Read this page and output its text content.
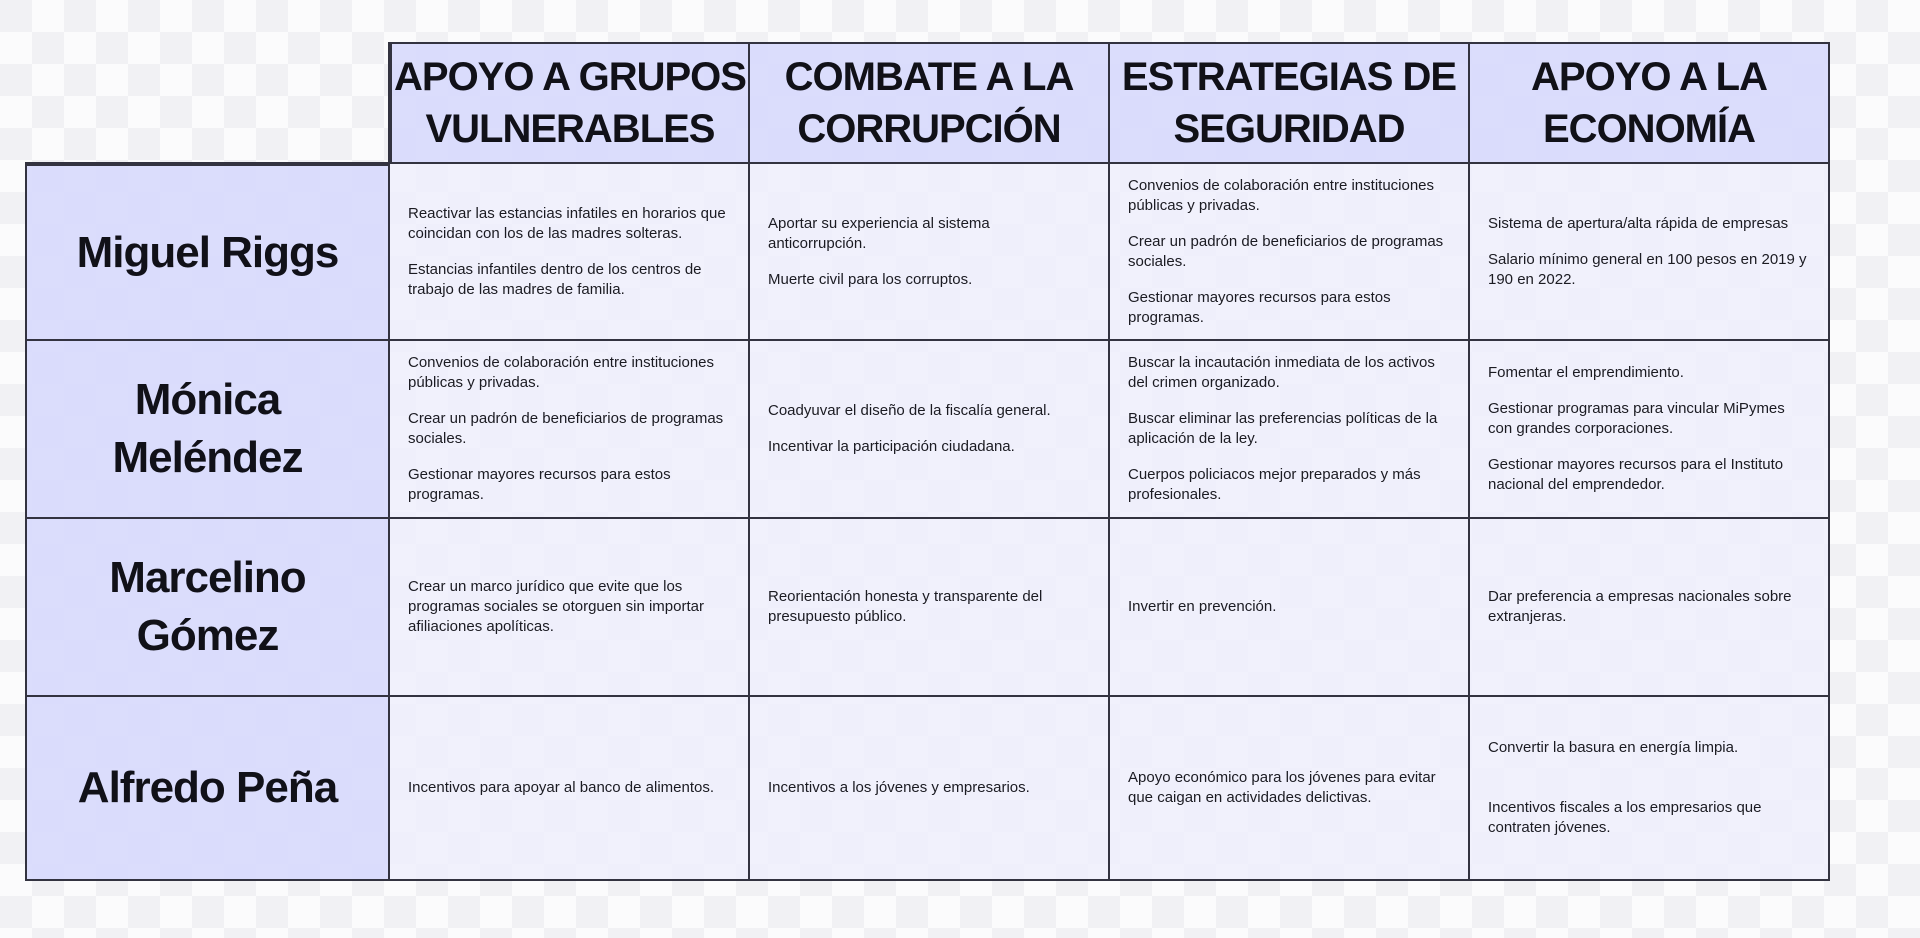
APOYO A GRUPOS
VULNERABLES
COMBATE A LA
CORRUPCIÓN
ESTRATEGIAS DE
SEGURIDAD
APOYO A LA
ECONOMÍA
Miguel Riggs

Reactivar las estancias infatiles en horarios que coincidan con los de las madres solteras.

Estancias infantiles dentro de los centros de trabajo de las madres de familia.

Aportar su experiencia al sistema anticorrupción.

Muerte civil para los corruptos.

Convenios de colaboración entre instituciones públicas y privadas.

Crear un padrón de beneficiarios de programas sociales.

Gestionar mayores recursos para estos programas.

Sistema de apertura/alta rápida de empresas

Salario mínimo general en 100 pesos en 2019 y 190 en 2022.

Mónica
Meléndez

Convenios de colaboración entre instituciones públicas y privadas.

Crear un padrón de beneficiarios de programas sociales.

Gestionar mayores recursos para estos programas.

Coadyuvar el diseño de la fiscalía general.

Incentivar la participación ciudadana.

Buscar la incautación inmediata de los activos del crimen organizado.

Buscar eliminar las preferencias políticas de la aplicación de la ley.

Cuerpos policiacos mejor preparados y más profesionales.

Fomentar el emprendimiento.

Gestionar programas para vincular MiPymes con grandes corporaciones.

Gestionar mayores recursos para el Instituto nacional del emprendedor.

Marcelino
Gómez

Crear un marco jurídico que evite que los programas sociales se otorguen sin importar afiliaciones apolíticas.

Reorientación honesta y transparente del presupuesto público.

Invertir en prevención.

Dar preferencia a empresas nacionales sobre extranjeras.

Alfredo Peña	Incentivos para apoyar al banco de alimentos.	Incentivos a los jóvenes y empresarios.

Apoyo económico para los jóvenes para evitar que caigan en actividades delictivas.

Convertir la basura en energía limpia.

Incentivos fiscales a los empresarios que contraten jóvenes.
